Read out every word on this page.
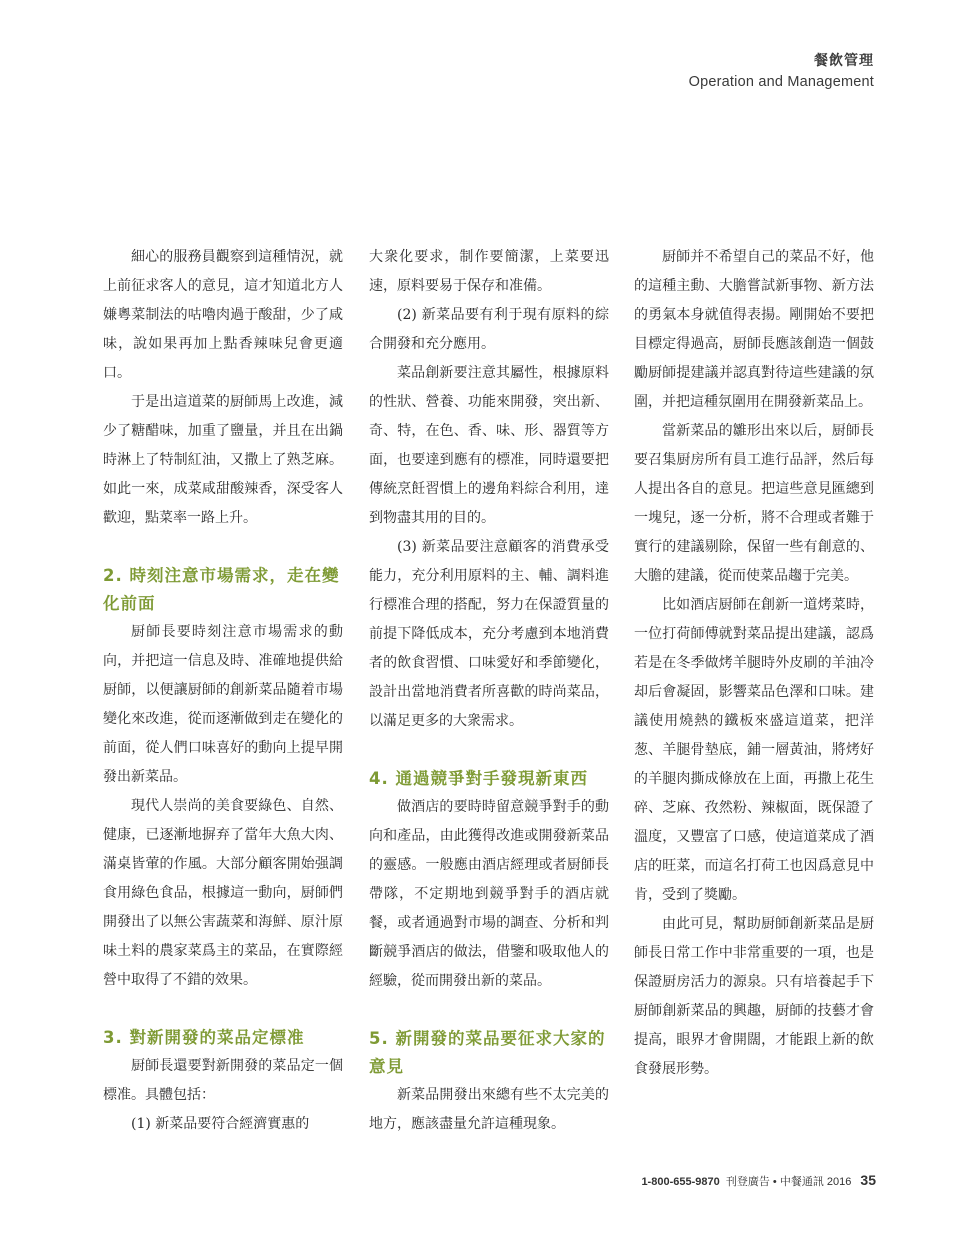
餐飲管理
Operation and Management

細心的服務員觀察到這種情況，就上前征求客人的意見，這才知道北方人嫌粵菜制法的咕嚕肉過于酸甜，少了咸味，說如果再加上點香辣味兒會更適口。

于是出這道菜的厨師馬上改進，減少了糖醋味，加重了鹽量，并且在出鍋時淋上了特制紅油，又撒上了熟芝麻。如此一來，成菜咸甜酸辣香，深受客人歡迎，點菜率一路上升。

2. 時刻注意市場需求，走在變化前面

厨師長要時刻注意市場需求的動向，并把這一信息及時、准確地提供給厨師，以便讓厨師的創新菜品隨着市場變化來改進，從而逐漸做到走在變化的前面，從人們口味喜好的動向上提早開發出新菜品。

現代人崇尚的美食要綠色、自然、健康，已逐漸地摒弃了當年大魚大肉、滿桌皆葷的作風。大部分顧客開始强調食用綠色食品，根據這一動向，厨師們開發出了以無公害蔬菜和海鮮、原汁原味土料的農家菜爲主的菜品，在實際經營中取得了不錯的效果。

3. 對新開發的菜品定標准

厨師長還要對新開發的菜品定一個標准。具體包括：

(1) 新菜品要符合經濟實惠的

大衆化要求，制作要簡潔，上菜要迅速，原料要易于保存和准備。

(2) 新菜品要有利于現有原料的綜合開發和充分應用。

菜品創新要注意其屬性，根據原料的性狀、營養、功能來開發，突出新、奇、特，在色、香、味、形、器質等方面，也要達到應有的標准，同時還要把傳統烹飪習慣上的邊角料綜合利用，達到物盡其用的目的。

(3) 新菜品要注意顧客的消費承受能力，充分利用原料的主、輔、調料進行標准合理的搭配，努力在保證質量的前提下降低成本，充分考慮到本地消費者的飲食習慣、口味愛好和季節變化，設計出當地消費者所喜歡的時尚菜品，以滿足更多的大衆需求。

4. 通過競爭對手發現新東西

做酒店的要時時留意競爭對手的動向和產品，由此獲得改進或開發新菜品的靈感。一般應由酒店經理或者厨師長帶隊，不定期地到競爭對手的酒店就餐，或者通過對市場的調查、分析和判斷競爭酒店的做法，借鑒和吸取他人的經驗，從而開發出新的菜品。

5. 新開發的菜品要征求大家的意見

新菜品開發出來總有些不太完美的地方，應該盡量允許這種現象。

厨師并不希望自己的菜品不好，他的這種主動、大膽嘗試新事物、新方法的勇氣本身就值得表揚。剛開始不要把目標定得過高，厨師長應該創造一個鼓勵厨師提建議并認真對待這些建議的氛圍，并把這種氛圍用在開發新菜品上。

當新菜品的雛形出來以后，厨師長要召集厨房所有員工進行品評，然后每人提出各自的意見。把這些意見匯總到一塊兒，逐一分析，將不合理或者難于實行的建議剔除，保留一些有創意的、大膽的建議，從而使菜品趨于完美。

比如酒店厨師在創新一道烤菜時，一位打荷師傅就對菜品提出建議，認爲若是在冬季做烤羊腿時外皮刷的羊油冷却后會凝固，影響菜品色澤和口味。建議使用燒熱的鐵板來盛這道菜，把洋葱、羊腿骨墊底，鋪一層黃油，將烤好的羊腿肉撕成條放在上面，再撒上花生碎、芝麻、孜然粉、辣椒面，既保證了溫度，又豐富了口感，使這道菜成了酒店的旺菜，而這名打荷工也因爲意見中肯，受到了獎勵。

由此可見，幫助厨師創新菜品是厨師長日常工作中非常重要的一項，也是保證厨房活力的源泉。只有培養起手下厨師創新菜品的興趣，厨師的技藝才會提高，眼界才會開闊，才能跟上新的飲食發展形勢。

1-800-655-9870 刊登廣告 • 中餐通訊 2016 35
